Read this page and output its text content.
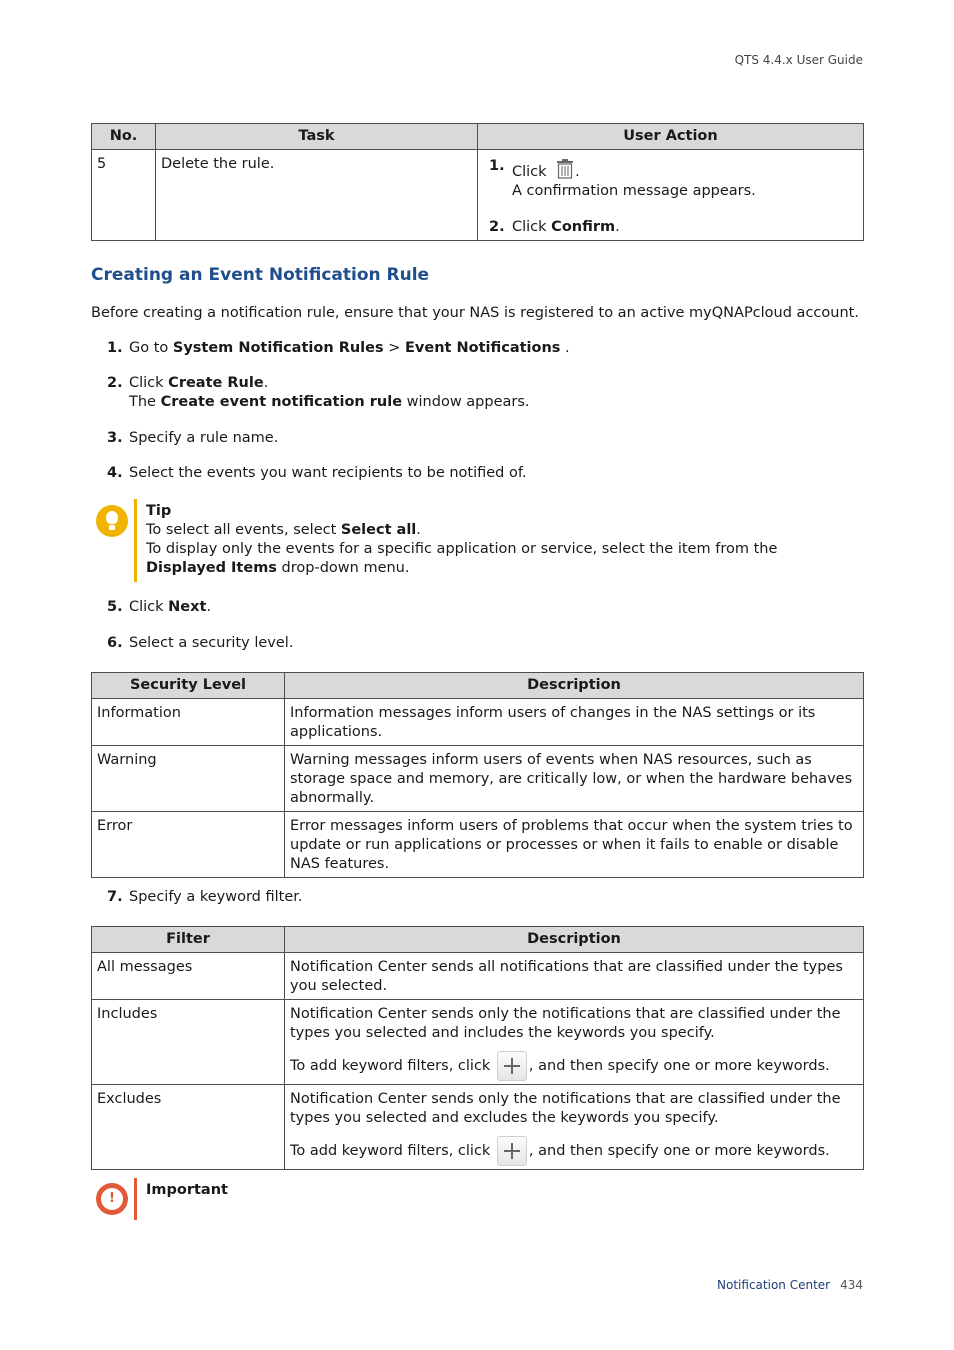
QTS 4.4.x User Guide
No.	Task	User Action
5	Delete the rule.	1. Click .
A confirmation message appears.
2. Click Confirm.
Creating an Event Notification Rule
Before creating a notification rule, ensure that your NAS is registered to an active myQNAPcloud account.
1. Go to System Notification Rules > Event Notifications .
2. Click Create Rule.
The Create event notification rule window appears.
3. Specify a rule name.
4. Select the events you want recipients to be notified of.
Tip
To select all events, select Select all.
To display only the events for a specific application or service, select the item from the
Displayed Items drop-down menu.
5. Click Next.
6. Select a security level.
Security Level	Description
Information	Information messages inform users of changes in the NAS settings or its applications.
Warning	Warning messages inform users of events when NAS resources, such as storage space and memory, are critically low, or when the hardware behaves abnormally.
Error	Error messages inform users of problems that occur when the system tries to update or run applications or processes or when it fails to enable or disable NAS features.
7. Specify a keyword filter.
Filter	Description
All messages	Notification Center sends all notifications that are classified under the types you selected.
Includes	Notification Center sends only the notifications that are classified under the types you selected and includes the keywords you specify.

To add keyword filters, click , and then specify one or more keywords.

Excludes	Notification Center sends only the notifications that are classified under the types you selected and excludes the keywords you specify.

To add keyword filters, click , and then specify one or more keywords.

!
Important
Notification Center 434
